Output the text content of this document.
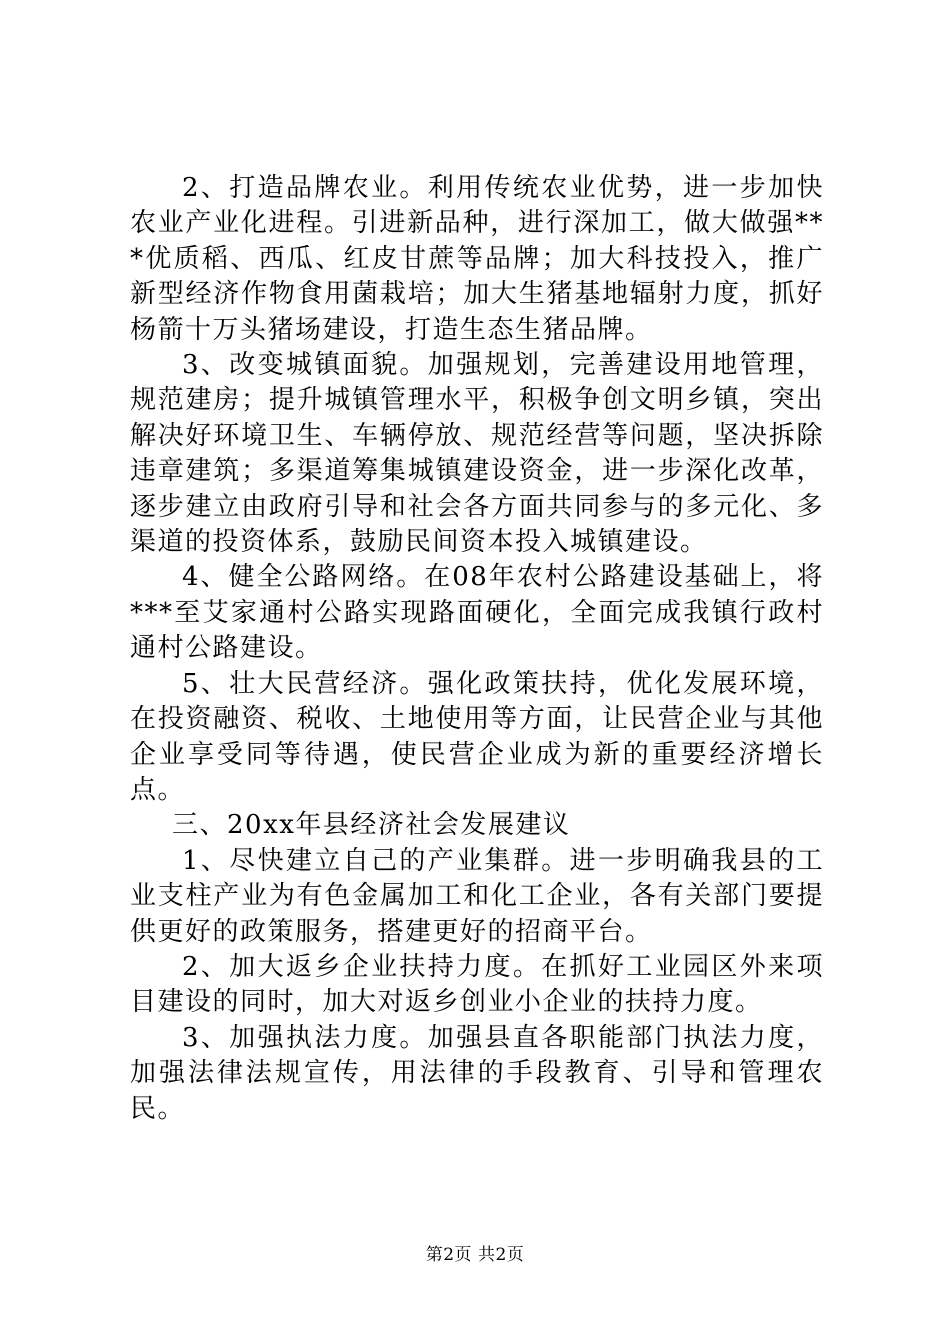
2、打造品牌农业。利用传统农业优势，进一步加快农业产业化进程。引进新品种，进行深加工，做大做强***优质稻、西瓜、红皮甘蔗等品牌；加大科技投入，推广新型经济作物食用菌栽培；加大生猪基地辐射力度，抓好杨箭十万头猪场建设，打造生态生猪品牌。

3、改变城镇面貌。加强规划，完善建设用地管理，规范建房；提升城镇管理水平，积极争创文明乡镇，突出解决好环境卫生、车辆停放、规范经营等问题，坚决拆除违章建筑；多渠道筹集城镇建设资金，进一步深化改革，逐步建立由政府引导和社会各方面共同参与的多元化、多渠道的投资体系，鼓励民间资本投入城镇建设。

4、健全公路网络。在08年农村公路建设基础上，将***至艾家通村公路实现路面硬化，全面完成我镇行政村通村公路建设。

5、壮大民营经济。强化政策扶持，优化发展环境，在投资融资、税收、土地使用等方面，让民营企业与其他企业享受同等待遇，使民营企业成为新的重要经济增长点。

三、20xx年县经济社会发展建议

1、尽快建立自己的产业集群。进一步明确我县的工业支柱产业为有色金属加工和化工企业，各有关部门要提供更好的政策服务，搭建更好的招商平台。

2、加大返乡企业扶持力度。在抓好工业园区外来项目建设的同时，加大对返乡创业小企业的扶持力度。

3、加强执法力度。加强县直各职能部门执法力度，加强法律法规宣传，用法律的手段教育、引导和管理农民。

第2页 共2页
